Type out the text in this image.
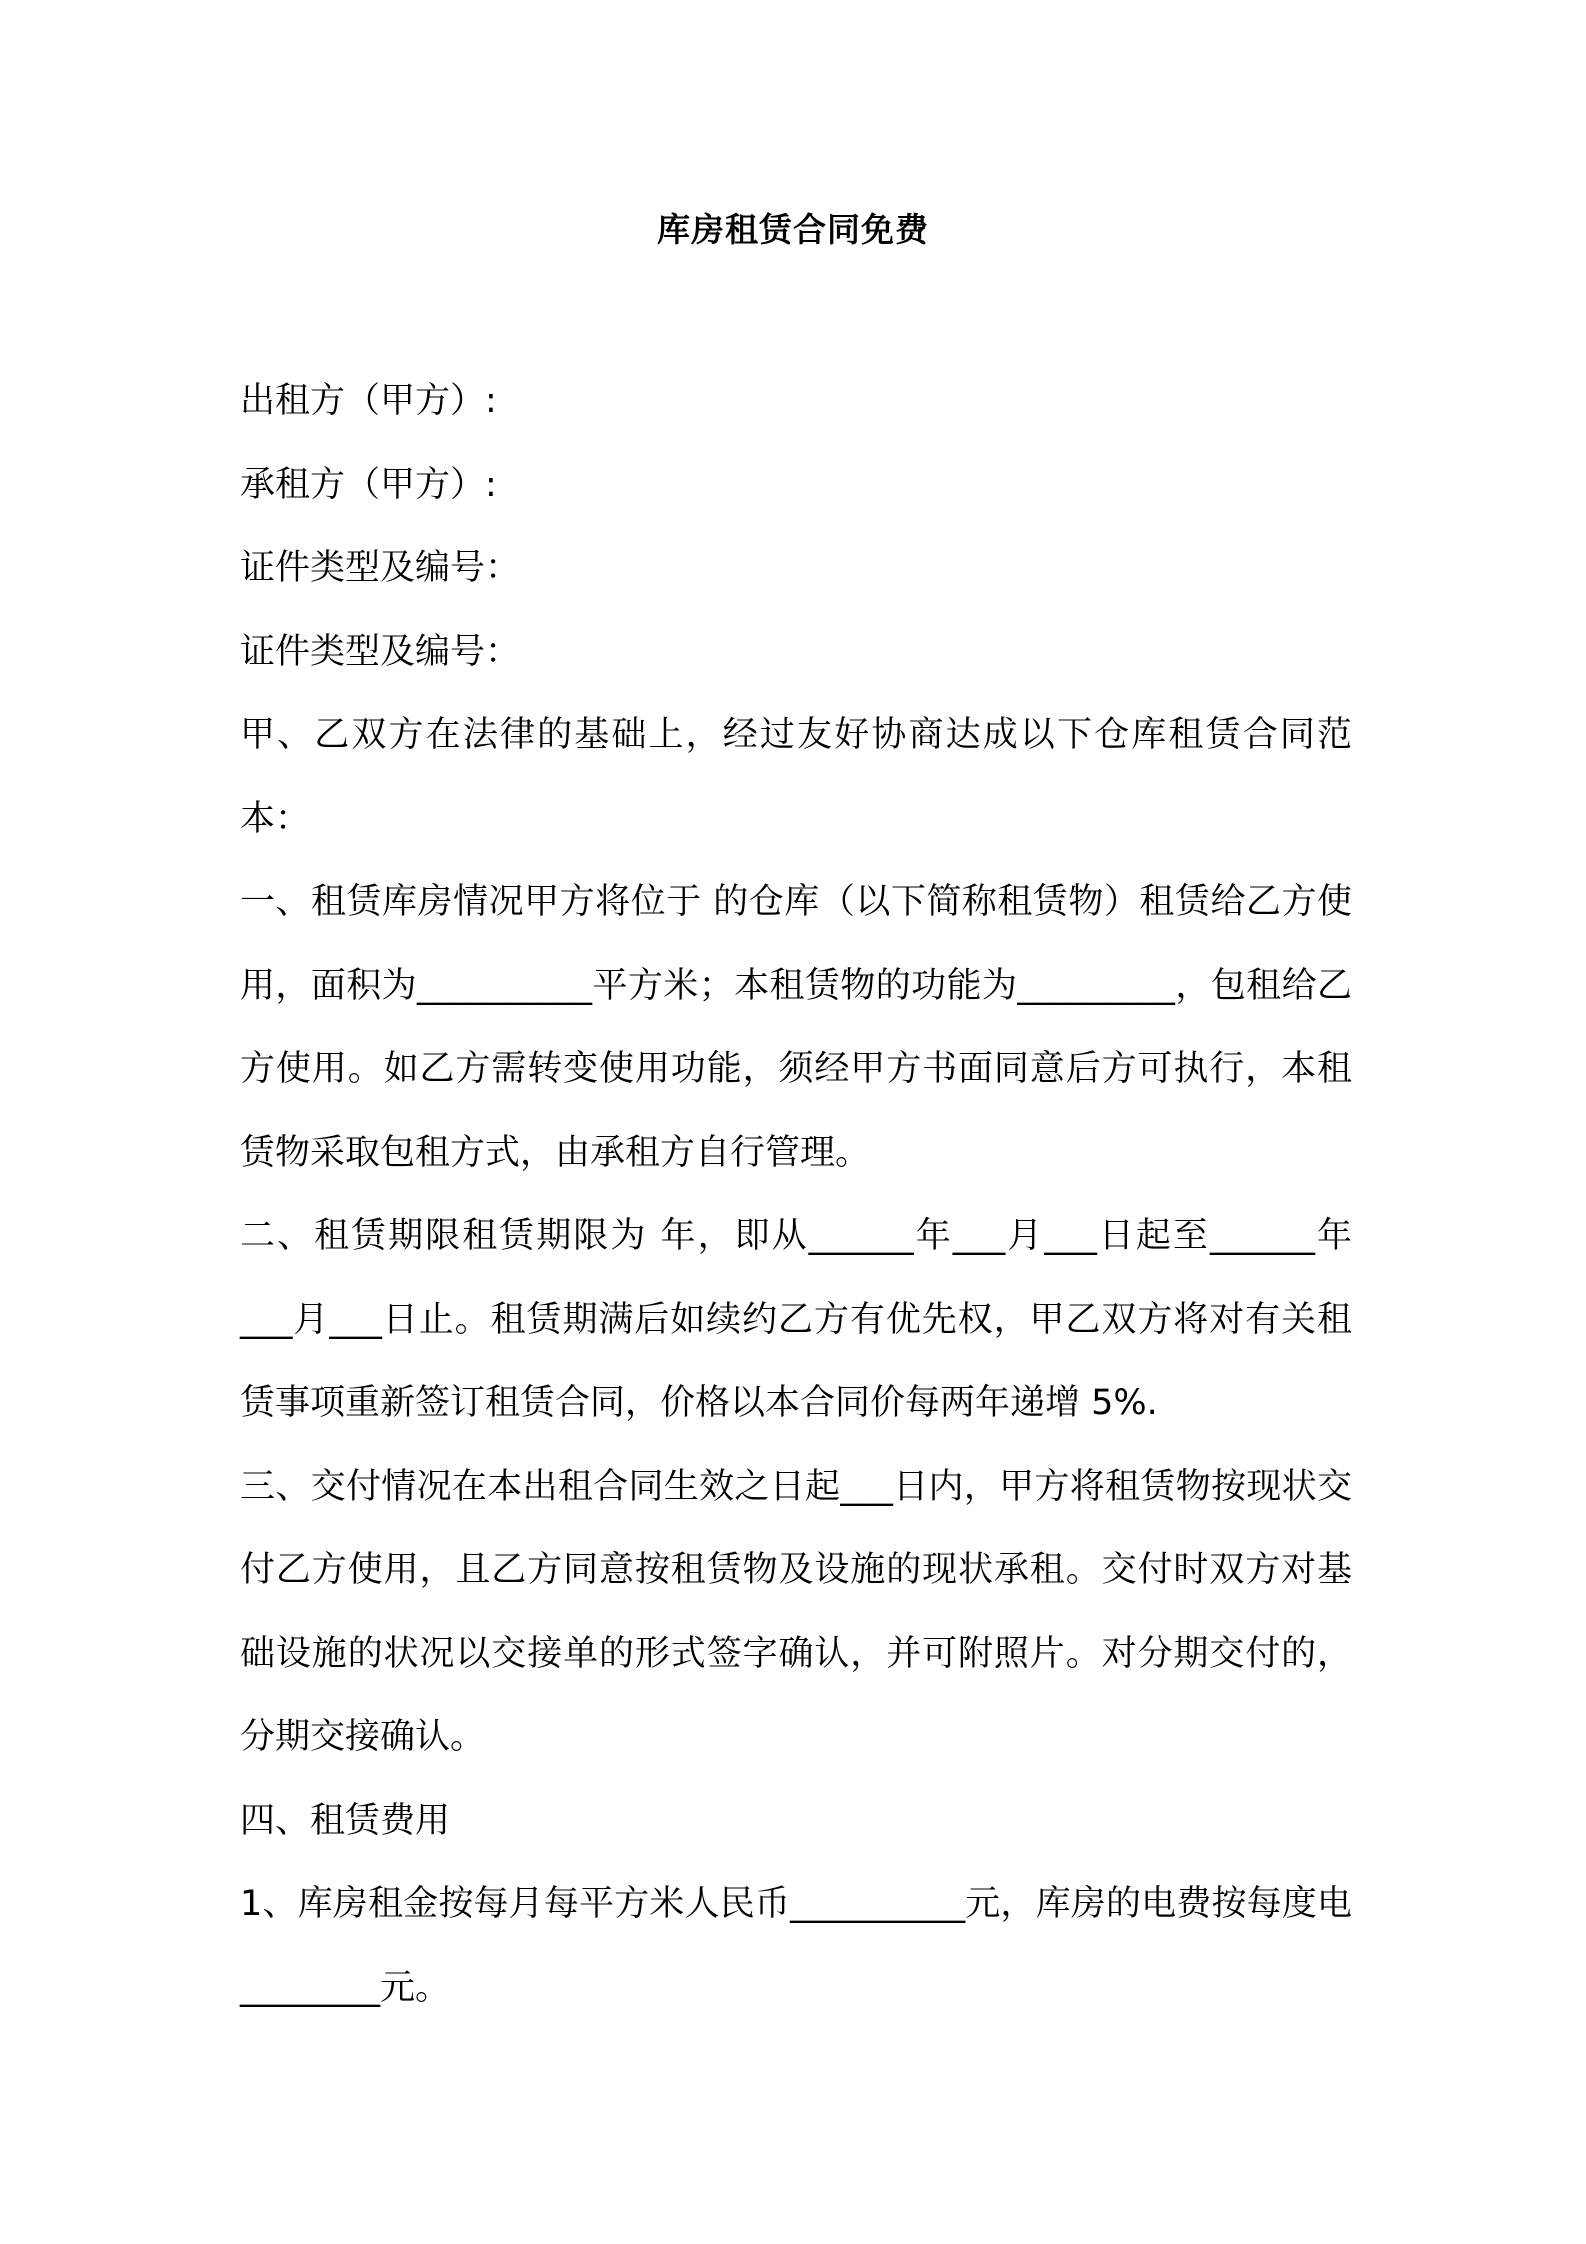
库房租赁合同免费

出租方（甲方）:

承租方（甲方）:

证件类型及编号：

证件类型及编号：

甲、乙双方在法律的基础上，经过友好协商达成以下仓库租赁合同范本：

一、租赁库房情况甲方将位于 的仓库（以下简称租赁物）租赁给乙方使用，面积为__________平方米；本租赁物的功能为_________，包租给乙方使用。如乙方需转变使用功能，须经甲方书面同意后方可执行，本租赁物采取包租方式，由承租方自行管理。

二、租赁期限租赁期限为 年，即从______年___月___日起至______年___月___日止。租赁期满后如续约乙方有优先权，甲乙双方将对有关租赁事项重新签订租赁合同，价格以本合同价每两年递增 5%.

三、交付情况在本出租合同生效之日起___日内，甲方将租赁物按现状交付乙方使用，且乙方同意按租赁物及设施的现状承租。交付时双方对基础设施的状况以交接单的形式签字确认，并可附照片。对分期交付的，分期交接确认。

四、租赁费用

1、库房租金按每月每平方米人民币__________元，库房的电费按每度电________元。
